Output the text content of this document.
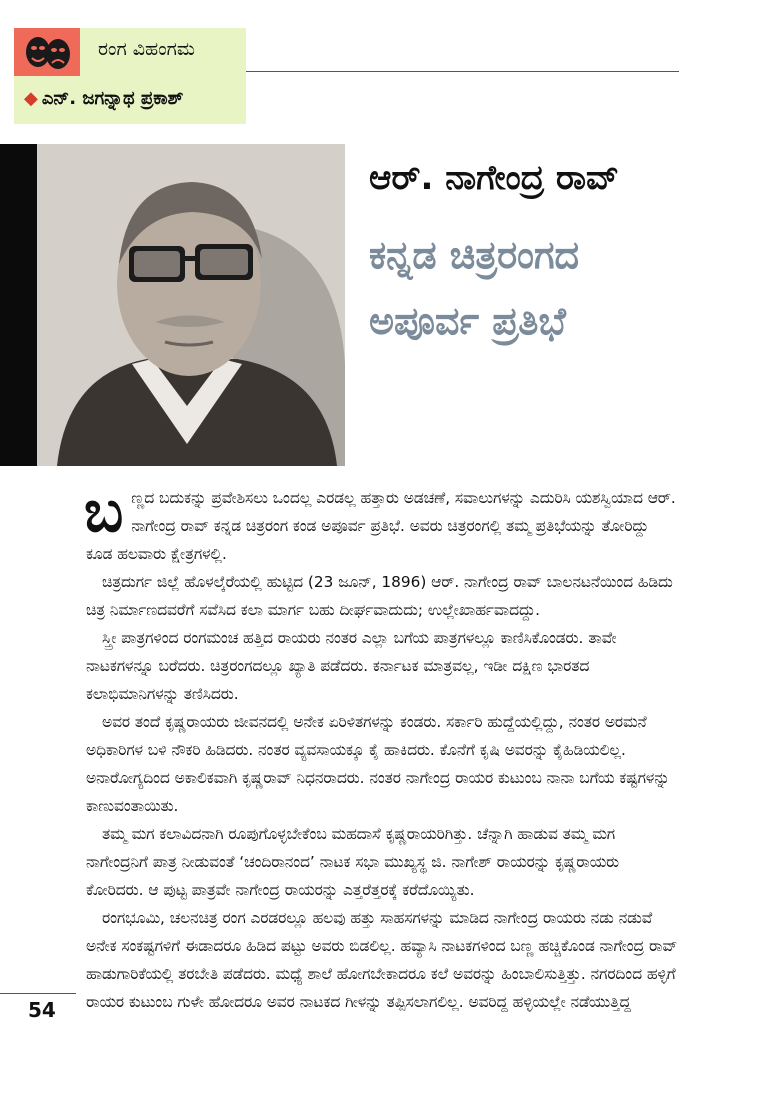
ರಂಗ ವಿಹಂಗಮ
◆ ಎನ್. ಜಗನ್ನಾಥ ಪ್ರಕಾಶ್
ಆರ್. ನಾಗೇಂದ್ರ ರಾವ್
ಕನ್ನಡ ಚಿತ್ರರಂಗದ
ಅಪೂರ್ವ ಪ್ರತಿಭೆ

ಬಣ್ಣದ ಬದುಕನ್ನು ಪ್ರವೇಶಿಸಲು ಒಂದಲ್ಲ ಎರಡಲ್ಲ ಹತ್ತಾರು ಅಡಚಣೆ, ಸವಾಲುಗಳನ್ನು ಎದುರಿಸಿ ಯಶಸ್ವಿಯಾದ ಆರ್. ನಾಗೇಂದ್ರ ರಾವ್ ಕನ್ನಡ ಚಿತ್ರರಂಗ ಕಂಡ ಅಪೂರ್ವ ಪ್ರತಿಭೆ. ಅವರು ಚಿತ್ರರಂಗಲ್ಲಿ ತಮ್ಮ ಪ್ರತಿಭೆಯನ್ನು ತೋರಿದ್ದು ಕೂಡ ಹಲವಾರು ಕ್ಷೇತ್ರಗಳಲ್ಲಿ.

ಚಿತ್ರದುರ್ಗ ಜಿಲ್ಲೆ ಹೊಳಲ್ಕೆರೆಯಲ್ಲಿ ಹುಟ್ಟಿದ (23 ಜೂನ್, 1896) ಆರ್. ನಾಗೇಂದ್ರ ರಾವ್ ಬಾಲನಟನೆಯಿಂದ ಹಿಡಿದು ಚಿತ್ರ ನಿರ್ಮಾಣದವರೆಗೆ ಸವೆಸಿದ ಕಲಾ ಮಾರ್ಗ ಬಹು ದೀರ್ಘವಾದುದು; ಉಲ್ಲೇಖಾರ್ಹವಾದದ್ದು.

ಸ್ತ್ರೀ ಪಾತ್ರಗಳಿಂದ ರಂಗಮಂಚ ಹತ್ತಿದ ರಾಯರು ನಂತರ ಎಲ್ಲಾ ಬಗೆಯ ಪಾತ್ರಗಳಲ್ಲೂ ಕಾಣಿಸಿಕೊಂಡರು. ತಾವೇ ನಾಟಕಗಳನ್ನೂ ಬರೆದರು. ಚಿತ್ರರಂಗದಲ್ಲೂ ಖ್ಯಾತಿ ಪಡೆದರು. ಕರ್ನಾಟಕ ಮಾತ್ರವಲ್ಲ, ಇಡೀ ದಕ್ಷಿಣ ಭಾರತದ ಕಲಾಭಿಮಾನಿಗಳನ್ನು ತಣಿಸಿದರು.

ಅವರ ತಂದೆ ಕೃಷ್ಣರಾಯರು ಜೀವನದಲ್ಲಿ ಅನೇಕ ಏರಿಳಿತಗಳನ್ನು ಕಂಡರು. ಸರ್ಕಾರಿ ಹುದ್ದೆಯಲ್ಲಿದ್ದು, ನಂತರ ಅರಮನೆ ಅಧಿಕಾರಿಗಳ ಬಳಿ ನೌಕರಿ ಹಿಡಿದರು. ನಂತರ ವ್ಯವಸಾಯಕ್ಕೂ ಕೈ ಹಾಕಿದರು. ಕೊನೆಗೆ ಕೃಷಿ ಅವರನ್ನು ಕೈಹಿಡಿಯಲಿಲ್ಲ. ಅನಾರೋಗ್ಯದಿಂದ ಅಕಾಲಿಕವಾಗಿ ಕೃಷ್ಣರಾವ್ ನಿಧನರಾದರು. ನಂತರ ನಾಗೇಂದ್ರ ರಾಯರ ಕುಟುಂಬ ನಾನಾ ಬಗೆಯ ಕಷ್ಟಗಳನ್ನು ಕಾಣುವಂತಾಯಿತು.

ತಮ್ಮ ಮಗ ಕಲಾವಿದನಾಗಿ ರೂಪುಗೊಳ್ಳಬೇಕೆಂಬ ಮಹದಾಸೆ ಕೃಷ್ಣರಾಯರಿಗಿತ್ತು. ಚೆನ್ನಾಗಿ ಹಾಡುವ ತಮ್ಮ ಮಗ ನಾಗೇಂದ್ರನಿಗೆ ಪಾತ್ರ ನೀಡುವಂತೆ ‘ಚಂದಿರಾನಂದ’ ನಾಟಕ ಸಭಾ ಮುಖ್ಯಸ್ಥ ಜಿ. ನಾಗೇಶ್ ರಾಯರನ್ನು ಕೃಷ್ಣರಾಯರು ಕೋರಿದರು. ಆ ಪುಟ್ಟ ಪಾತ್ರವೇ ನಾಗೇಂದ್ರ ರಾಯರನ್ನು ಎತ್ತರೆತ್ತರಕ್ಕೆ ಕರೆದೊಯ್ಯಿತು.

ರಂಗಭೂಮಿ, ಚಲನಚಿತ್ರ ರಂಗ ಎರಡರಲ್ಲೂ ಹಲವು ಹತ್ತು ಸಾಹಸಗಳನ್ನು ಮಾಡಿದ ನಾಗೇಂದ್ರ ರಾಯರು ನಡು ನಡುವೆ ಅನೇಕ ಸಂಕಷ್ಟಗಳಿಗೆ ಈಡಾದರೂ ಹಿಡಿದ ಪಟ್ಟು ಅವರು ಬಿಡಲಿಲ್ಲ. ಹವ್ಯಾಸಿ ನಾಟಕಗಳಿಂದ ಬಣ್ಣ ಹಚ್ಚಿಕೊಂಡ ನಾಗೇಂದ್ರ ರಾವ್ ಹಾಡುಗಾರಿಕೆಯಲ್ಲಿ ತರಬೇತಿ ಪಡೆದರು. ಮಧ್ಯೆ ಶಾಲೆ ಹೋಗಬೇಕಾದರೂ ಕಲೆ ಅವರನ್ನು ಹಿಂಬಾಲಿಸುತ್ತಿತ್ತು. ನಗರದಿಂದ ಹಳ್ಳಿಗೆ ರಾಯರ ಕುಟುಂಬ ಗುಳೇ ಹೋದರೂ ಅವರ ನಾಟಕದ ಗೀಳನ್ನು ತಪ್ಪಿಸಲಾಗಲಿಲ್ಲ. ಅವರಿದ್ದ ಹಳ್ಳಿಯಲ್ಲೇ ನಡೆಯುತ್ತಿದ್ದ

54
